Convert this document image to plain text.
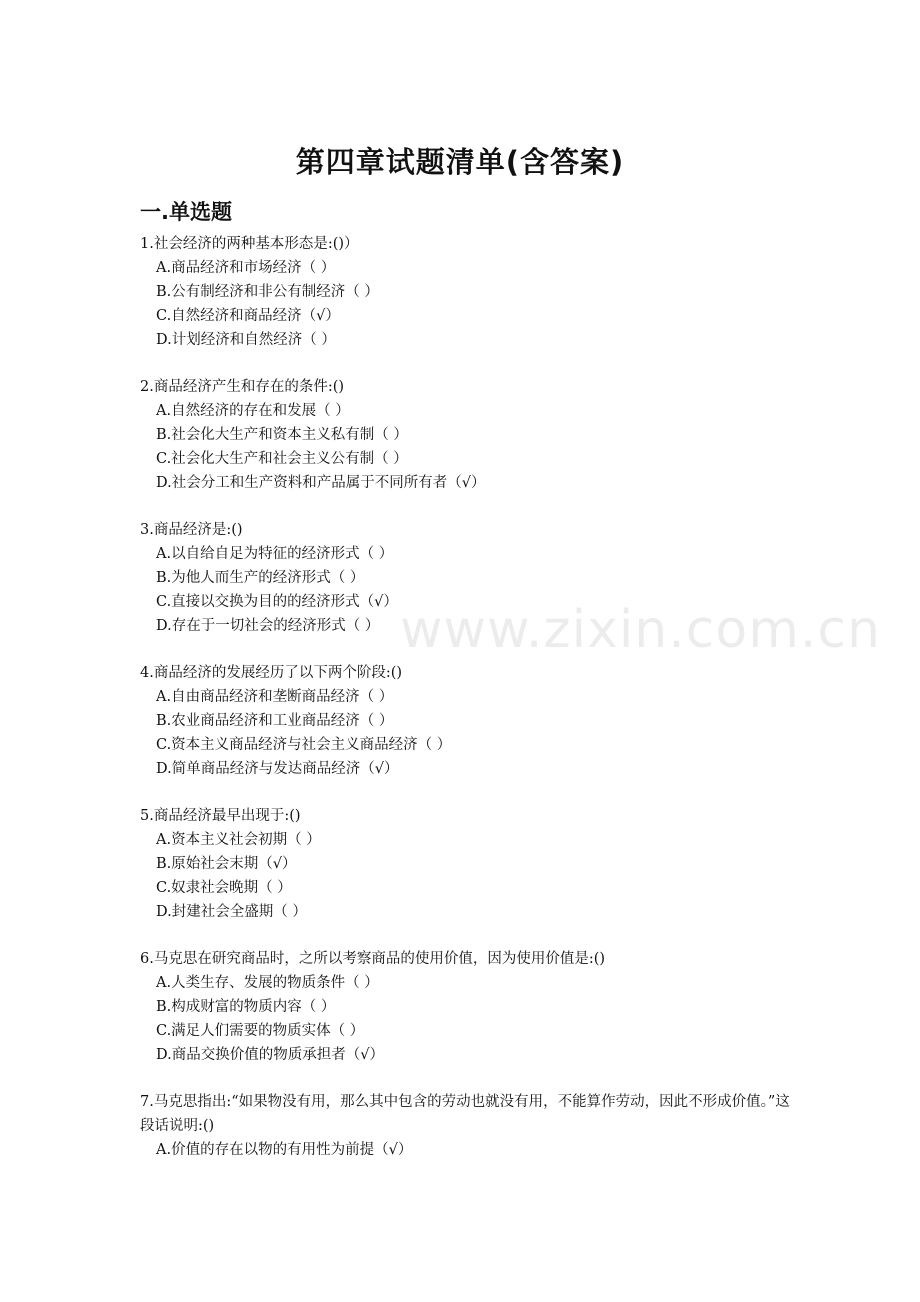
www.zixin.com.cn
第四章试题清单(含答案)
一.单选题
1.社会经济的两种基本形态是:()）
A.商品经济和市场经济（ ）
B.公有制经济和非公有制经济（ ）
C.自然经济和商品经济（√）
D.计划经济和自然经济（ ）
2.商品经济产生和存在的条件:()
A.自然经济的存在和发展（ ）
B.社会化大生产和资本主义私有制（ ）
C.社会化大生产和社会主义公有制（ ）
D.社会分工和生产资料和产品属于不同所有者（√）
3.商品经济是:()
A.以自给自足为特征的经济形式（ ）
B.为他人而生产的经济形式（ ）
C.直接以交换为目的的经济形式（√）
D.存在于一切社会的经济形式（ ）
4.商品经济的发展经历了以下两个阶段:()
A.自由商品经济和垄断商品经济（ ）
B.农业商品经济和工业商品经济（ ）
C.资本主义商品经济与社会主义商品经济（ ）
D.简单商品经济与发达商品经济（√）
5.商品经济最早出现于:()
A.资本主义社会初期（ ）
B.原始社会末期（√）
C.奴隶社会晚期（ ）
D.封建社会全盛期（ ）
6.马克思在研究商品时，之所以考察商品的使用价值，因为使用价值是:()
A.人类生存、发展的物质条件（ ）
B.构成财富的物质内容（ ）
C.满足人们需要的物质实体（ ）
D.商品交换价值的物质承担者（√）
7.马克思指出:“如果物没有用，那么其中包含的劳动也就没有用，不能算作劳动，因此不形成价值。”这段话说明:()
A.价值的存在以物的有用性为前提（√）
